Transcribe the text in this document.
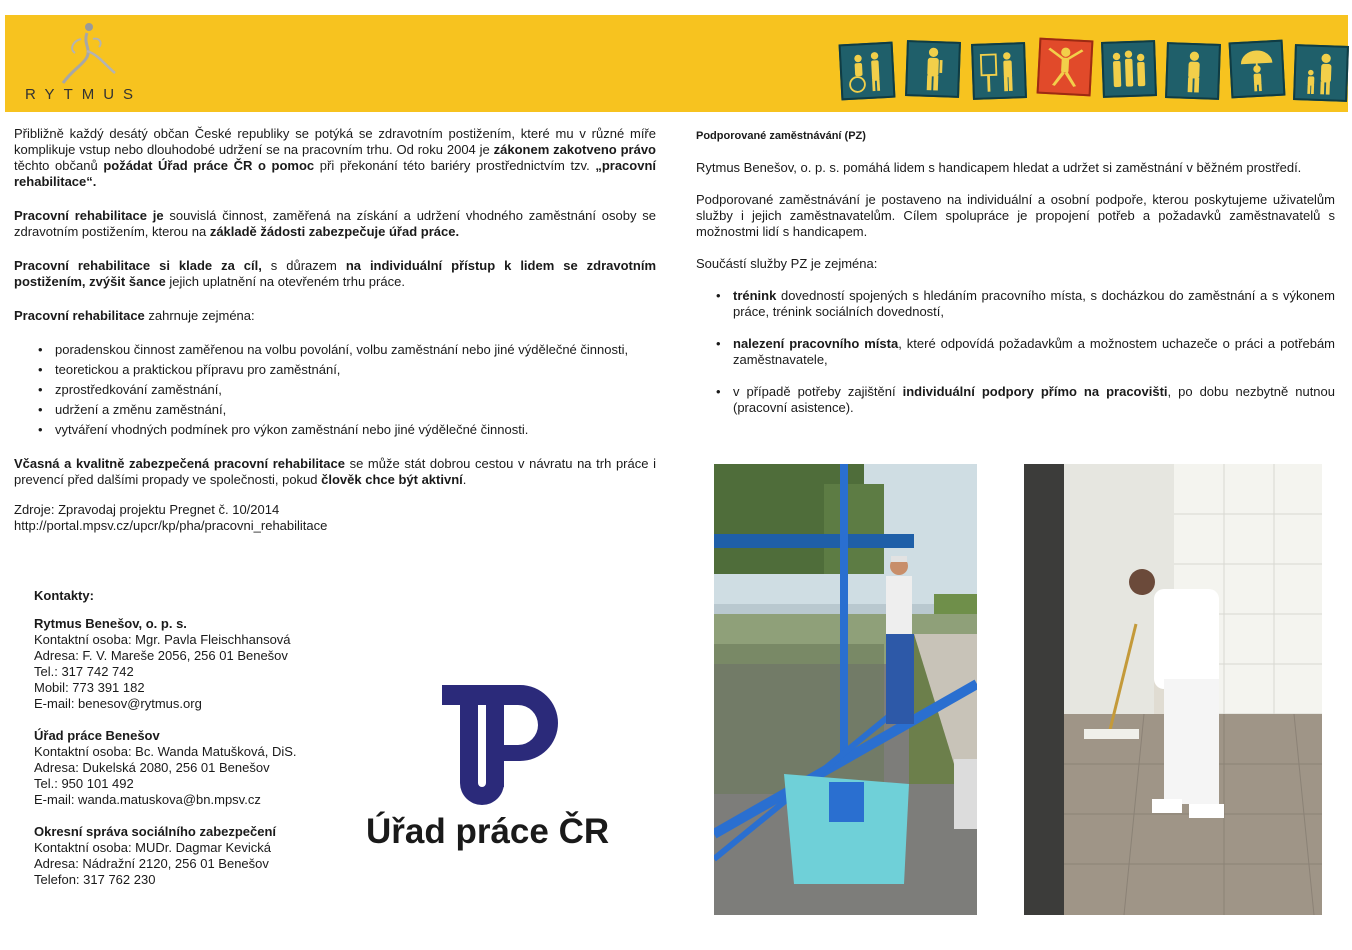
RYTMUS

Přibližně každý desátý občan České republiky se potýká se zdravotním postižením, které mu v různé míře komplikuje vstup nebo dlouhodobé udržení se na pracovním trhu. Od roku 2004 je zákonem zakotveno právo těchto občanů požádat Úřad práce ČR o pomoc při překonání této bariéry prostřednictvím tzv. „pracovní rehabilitace“.

Pracovní rehabilitace je souvislá činnost, zaměřená na získání a udržení vhodného zaměstnání osoby se zdravotním postižením, kterou na základě žádosti zabezpečuje úřad práce.

Pracovní rehabilitace si klade za cíl, s důrazem na individuální přístup k lidem se zdravotním postižením, zvýšit šance jejich uplatnění na otevřeném trhu práce.

Pracovní rehabilitace zahrnuje zejména:

• poradenskou činnost zaměřenou na volbu povolání, volbu zaměstnání nebo jiné výdělečné činnosti,
• teoretickou a praktickou přípravu pro zaměstnání,
• zprostředkování zaměstnání,
• udržení a změnu zaměstnání,
• vytváření vhodných podmínek pro výkon zaměstnání nebo jiné výdělečné činnosti.

Včasná a kvalitně zabezpečená pracovní rehabilitace se může stát dobrou cestou v návratu na trh práce i prevencí před dalšími propady ve společnosti, pokud člověk chce být aktivní.

Zdroje: Zpravodaj projektu Pregnet č. 10/2014
http://portal.mpsv.cz/upcr/kp/pha/pracovni_rehabilitace
Kontakty:
Rytmus Benešov, o. p. s.
Kontaktní osoba: Mgr. Pavla Fleischhansová
Adresa: F. V. Mareše 2056, 256 01 Benešov
Tel.: 317 742 742
Mobil: 773 391 182
E-mail: benesov@rytmus.org
Úřad práce Benešov
Kontaktní osoba: Bc. Wanda Matušková, DiS.
Adresa: Dukelská 2080, 256 01 Benešov
Tel.: 950 101 492
E-mail: wanda.matuskova@bn.mpsv.cz
Okresní správa sociálního zabezpečení
Kontaktní osoba: MUDr. Dagmar Kevická
Adresa: Nádražní 2120, 256 01 Benešov
Telefon: 317 762 230
Úřad práce ČR
Podporované zaměstnávání (PZ)

Rytmus Benešov, o. p. s. pomáhá lidem s handicapem hledat a udržet si zaměstnání v běžném prostředí.

Podporované zaměstnávání je postaveno na individuální a osobní podpoře, kterou poskytujeme uživatelům služby i jejich zaměstnavatelům. Cílem spolupráce je propojení potřeb a požadavků zaměstnavatelů s možnostmi lidí s handicapem.

Součástí služby PZ je zejména:

• trénink dovedností spojených s hledáním pracovního místa, s docházkou do zaměstnání a s výkonem práce, trénink sociálních dovedností,
• nalezení pracovního místa, které odpovídá požadavkům a možnostem uchazeče o práci a potřebám zaměstnavatele,
• v případě potřeby zajištění individuální podpory přímo na pracovišti, po dobu nezbytně nutnou (pracovní asistence).
